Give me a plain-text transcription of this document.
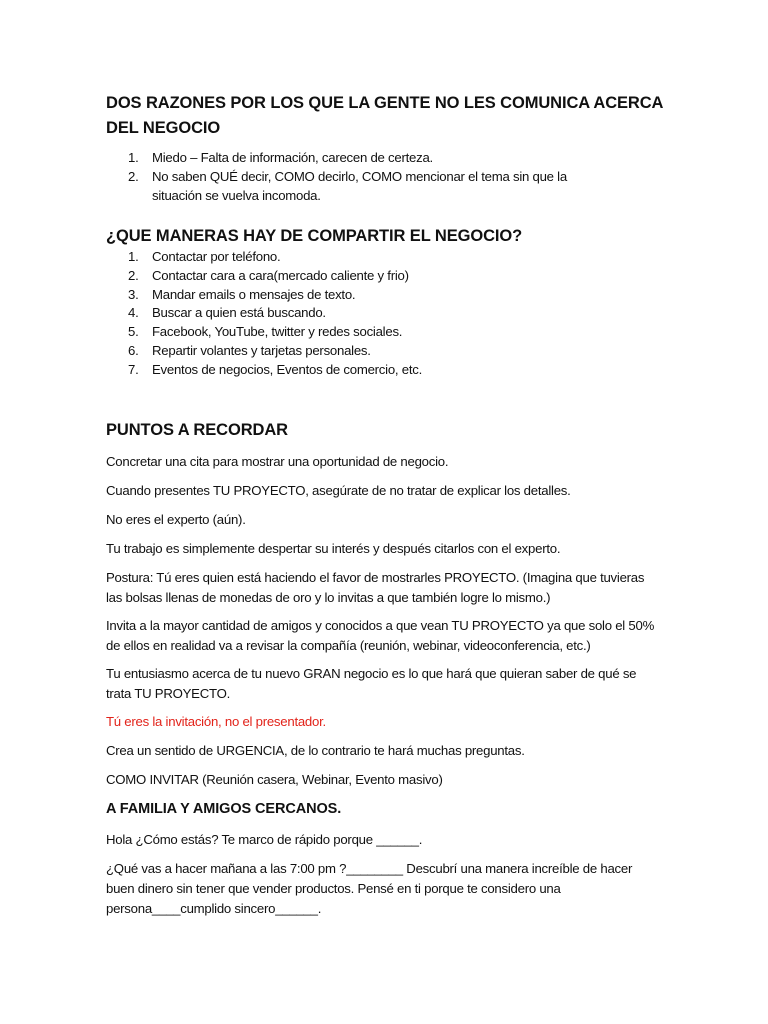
DOS RAZONES POR LOS QUE LA GENTE NO LES COMUNICA ACERCA DEL NEGOCIO
1. Miedo – Falta de información, carecen de certeza.
2. No saben QUÉ decir, COMO decirlo, COMO mencionar el tema sin que la situación se vuelva incomoda.
¿QUE MANERAS HAY DE COMPARTIR EL NEGOCIO?
1. Contactar por teléfono.
2. Contactar cara a cara(mercado caliente y frio)
3. Mandar emails o mensajes de texto.
4. Buscar a quien está buscando.
5. Facebook, YouTube, twitter y redes sociales.
6. Repartir volantes y tarjetas personales.
7. Eventos de negocios, Eventos de comercio, etc.
PUNTOS A RECORDAR
Concretar una cita para mostrar una oportunidad de negocio.
Cuando presentes TU PROYECTO, asegúrate de no tratar de explicar los detalles.
No eres el experto (aún).
Tu trabajo es simplemente despertar su interés y después citarlos con el experto.
Postura: Tú eres quien está haciendo el favor de mostrarles PROYECTO. (Imagina que tuvieras las bolsas llenas de monedas de oro y lo invitas a que también logre lo mismo.)
Invita a la mayor cantidad de amigos y conocidos a que vean TU PROYECTO ya que solo el 50% de ellos en realidad va a revisar la compañía (reunión, webinar, videoconferencia, etc.)
Tu entusiasmo acerca de tu nuevo GRAN negocio es lo que hará que quieran saber de qué se trata TU PROYECTO.
Tú eres la invitación, no el presentador.
Crea un sentido de URGENCIA, de lo contrario te hará muchas preguntas.
COMO INVITAR (Reunión casera, Webinar, Evento masivo)
A FAMILIA Y AMIGOS CERCANOS.
Hola ¿Cómo estás? Te marco de rápido porque ______.
¿Qué vas a hacer mañana a las 7:00 pm ?________ Descubrí una manera increíble de hacer buen dinero sin tener que vender productos. Pensé en ti porque te considero una persona____cumplido sincero______.
